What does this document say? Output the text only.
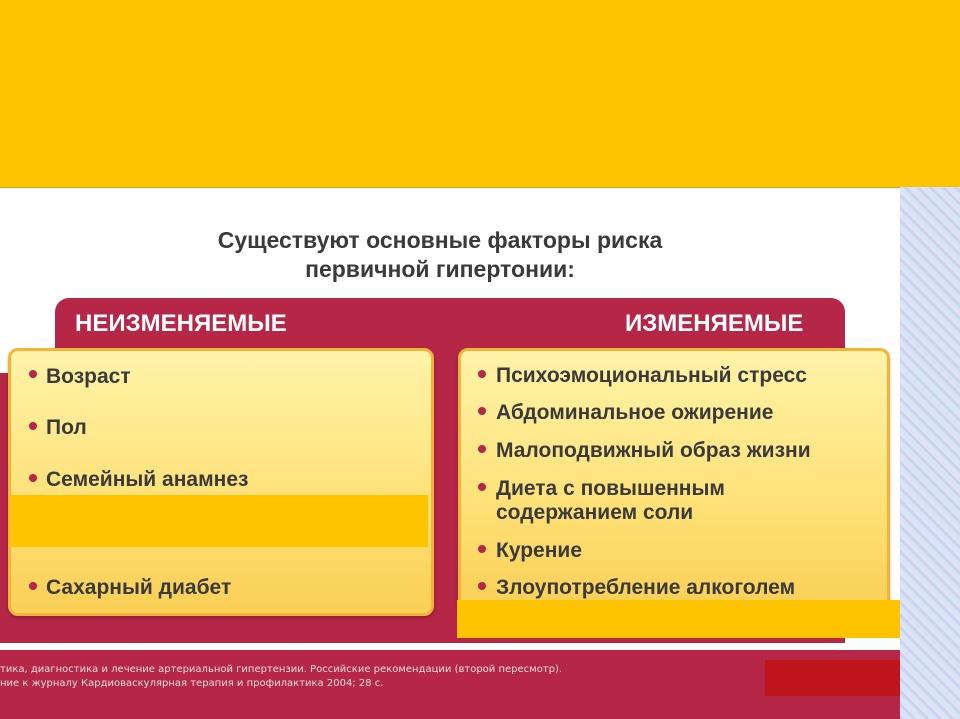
Существуют основные факторы риска
первичной гипертонии:
НЕИЗМЕНЯЕМЫЕ	ИЗМЕНЯЕМЫЕ
Возраст
Пол
Семейный анамнез
Сахарный диабет
Психоэмоциональный стресс
Абдоминальное ожирение
Малоподвижный образ жизни
Диета с повышенным
содержанием соли
Курение
Злоупотребление алкоголем
тика, диагностика и лечение артериальной гипертензии. Российские рекомендации (второй пересмотр).
ние к журналу Кардиоваскулярная терапия и профилактика 2004; 28 с.
